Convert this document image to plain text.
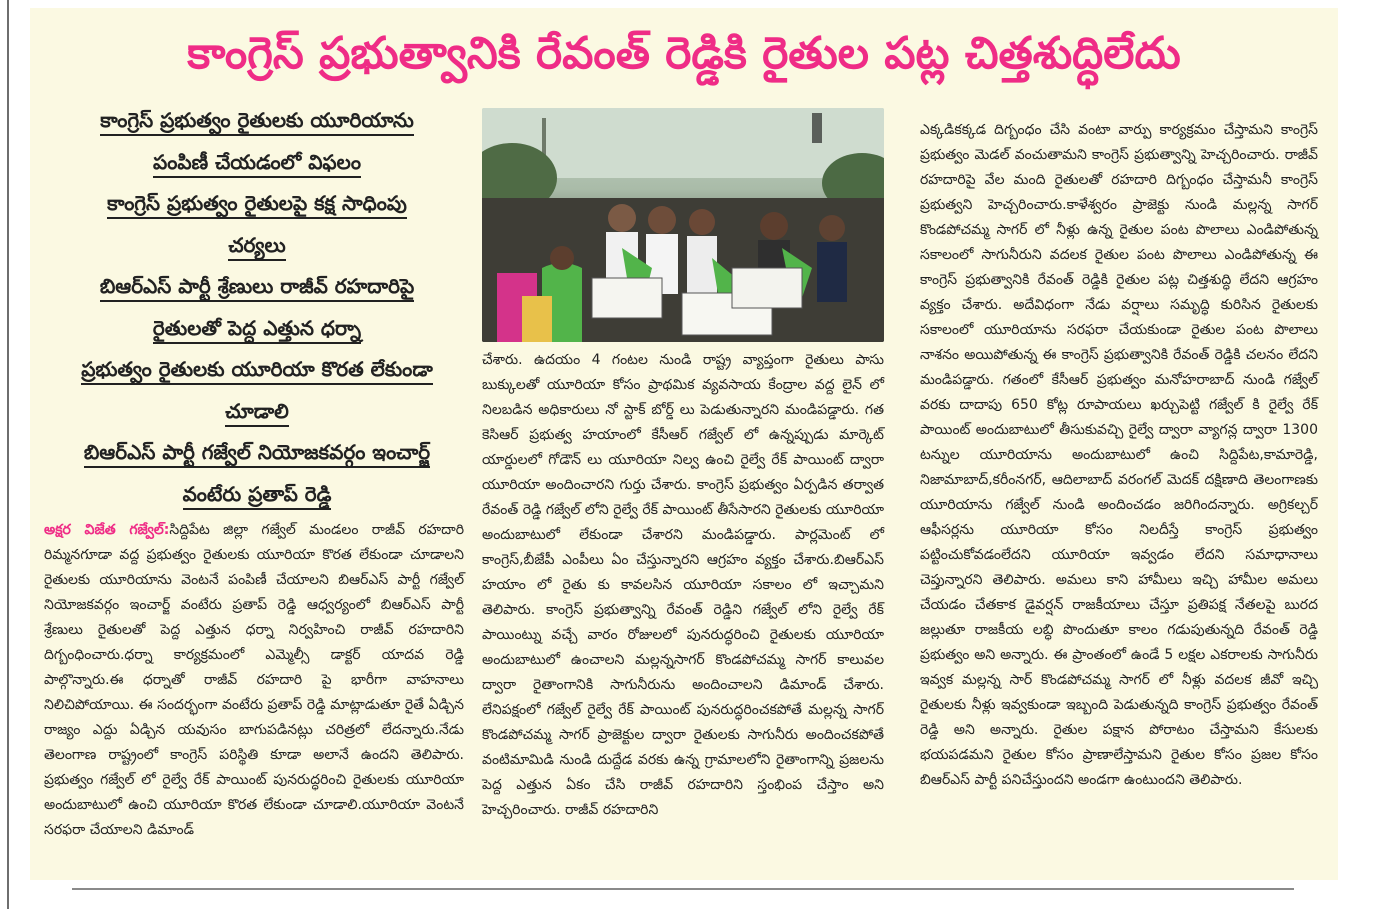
కాంగ్రెస్ ప్రభుత్వానికి రేవంత్ రెడ్డికి రైతుల పట్ల చిత్తశుద్ధిలేదు
కాంగ్రెస్ ప్రభుత్వం రైతులకు యూరియాను
పంపిణీ చేయడంలో విఫలం
కాంగ్రెస్ ప్రభుత్వం రైతులపై కక్ష సాధింపు
చర్యలు
బిఆర్ఎస్ పార్టీ శ్రేణులు రాజీవ్ రహదారిపై
రైతులతో పెద్ద ఎత్తున ధర్నా
ప్రభుత్వం రైతులకు యూరియా కొరత లేకుండా
చూడాలి
బిఆర్ఎస్ పార్టీ గజ్వేల్ నియోజకవర్గం ఇంచార్జ్
వంటేరు ప్రతాప్ రెడ్డి

అక్షర విజేత గజ్వేల్:సిద్దిపేట జిల్లా గజ్వేల్ మండలం రాజీవ్ రహదారి రిమ్మనగూడా వద్ద ప్రభుత్వం రైతులకు యూరియా కొరత లేకుండా చూడాలని రైతులకు యూరియాను వెంటనే పంపిణీ చేయాలని బిఆర్ఎస్ పార్టీ గజ్వేల్ నియోజకవర్గం ఇంచార్జ్ వంటేరు ప్రతాప్ రెడ్డి ఆధ్వర్యంలో బిఆర్ఎస్ పార్టీ శ్రేణులు రైతులతో పెద్ద ఎత్తున ధర్నా నిర్వహించి రాజీవ్ రహదారిని దిగ్బంధించారు.ధర్నా కార్యక్రమంలో ఎమ్మెల్సీ డాక్టర్ యాదవ రెడ్డి పాల్గొన్నారు.ఈ ధర్నాతో రాజీవ్ రహదారి పై భారీగా వాహనాలు నిలిచిపోయాయి. ఈ సందర్భంగా వంటేరు ప్రతాప్ రెడ్డి మాట్లాడుతూ రైతే ఏడ్చిన రాజ్యం ఎద్దు ఏడ్చిన యవుసం బాగుపడినట్లు చరిత్రలో లేదన్నారు.నేడు తెలంగాణ రాష్ట్రంలో కాంగ్రెస్ పరిస్థితి కూడా అలానే ఉందని తెలిపారు. ప్రభుత్వం గజ్వేల్ లో రైల్వే రేక్ పాయింట్ పునరుద్ధరించి రైతులకు యూరియా అందుబాటులో ఉంచి యూరియా కొరత లేకుండా చూడాలి.యూరియా వెంటనే సరఫరా చేయాలని డిమాండ్

చేశారు. ఉదయం 4 గంటల నుండి రాష్ట్ర వ్యాప్తంగా రైతులు పాసు బుక్కులతో యూరియా కోసం ప్రాథమిక వ్యవసాయ కేంద్రాల వద్ద లైన్ లో నిలబడిన అధికారులు నో స్టాక్ బోర్డ్ లు పెడుతున్నారని మండిపడ్డారు. గత కెసిఆర్ ప్రభుత్వ హయాంలో కేసీఆర్ గజ్వేల్ లో ఉన్నప్పుడు మార్కెట్ యార్డులలో గోడౌన్ లు యూరియా నిల్వ ఉంచి రైల్వే రేక్ పాయింట్ ద్వారా యూరియా అందించారని గుర్తు చేశారు. కాంగ్రెస్ ప్రభుత్వం ఏర్పడిన తర్వాత రేవంత్ రెడ్డి గజ్వేల్ లోని రైల్వే రేక్ పాయింట్ తీసేసారని రైతులకు యూరియా అందుబాటులో లేకుండా చేశారని మండిపడ్డారు. పార్లమెంట్ లో కాంగ్రెస్,బీజేపీ ఎంపీలు ఏం చేస్తున్నారని ఆగ్రహం వ్యక్తం చేశారు.బిఆర్ఎస్ హయాం లో రైతు కు కావలసిన యూరియా సకాలం లో ఇచ్చామని తెలిపారు. కాంగ్రెస్ ప్రభుత్వాన్ని రేవంత్ రెడ్డిని గజ్వేల్ లోని రైల్వే రేక్ పాయింట్ను వచ్చే వారం రోజులలో పునరుద్ధరించి రైతులకు యూరియా అందుబాటులో ఉంచాలని మల్లన్నసాగర్ కొండపోచమ్మ సాగర్ కాలువల ద్వారా రైతాంగానికి సాగునీరును అందించాలని డిమాండ్ చేశారు. లేనిపక్షంలో గజ్వేల్ రైల్వే రేక్ పాయింట్ పునరుద్ధరించకపోతే మల్లన్న సాగర్ కొండపోచమ్మ సాగర్ ప్రాజెక్టుల ద్వారా రైతులకు సాగునీరు అందించకపోతే వంటిమామిడి నుండి దుద్దేడ వరకు ఉన్న గ్రామాలలోని రైతాంగాన్ని ప్రజలను పెద్ద ఎత్తున ఏకం చేసి రాజీవ్ రహదారిని స్తంభింప చేస్తాం అని హెచ్చరించారు. రాజీవ్ రహదారిని

ఎక్కడికక్కడ దిగ్బంధం చేసి వంటా వార్పు కార్యక్రమం చేస్తామని కాంగ్రెస్ ప్రభుత్వం మెడల్ వంచుతామని కాంగ్రెస్ ప్రభుత్వాన్ని హెచ్చరించారు. రాజీవ్ రహదారిపై వేల మంది రైతులతో రహదారి దిగ్బంధం చేస్తామనీ కాంగ్రెస్ ప్రభుత్వని హెచ్చరించారు.కాళేశ్వరం ప్రాజెక్టు నుండి మల్లన్న సాగర్ కొండపోచమ్మ సాగర్ లో నీళ్లు ఉన్న రైతుల పంట పొలాలు ఎండిపోతున్న సకాలంలో సాగునీరుని వదలక రైతుల పంట పొలాలు ఎండిపోతున్న ఈ కాంగ్రెస్ ప్రభుత్వానికి రేవంత్ రెడ్డికి రైతుల పట్ల చిత్తశుద్ధి లేదని ఆగ్రహం వ్యక్తం చేశారు. అదేవిధంగా నేడు వర్షాలు సమృద్ధి కురిసిన రైతులకు సకాలంలో యూరియాను సరఫరా చేయకుండా రైతుల పంట పొలాలు నాశనం అయిపోతున్న ఈ కాంగ్రెస్ ప్రభుత్వానికి రేవంత్ రెడ్డికి చలనం లేదని మండిపడ్డారు. గతంలో కేసీఆర్ ప్రభుత్వం మనోహరాబాద్ నుండి గజ్వేల్ వరకు దాదాపు 650 కోట్ల రూపాయలు ఖర్చుపెట్టి గజ్వేల్ కి రైల్వే రేక్ పాయింట్ అందుబాటులో తీసుకువచ్చి రైల్వే ద్వారా వ్యాగన్ల ద్వారా 1300 టన్నుల యూరియాను అందుబాటులో ఉంచి సిద్దిపేట,కామారెడ్డి, నిజామాబాద్,కరీంనగర్, ఆదిలాబాద్ వరంగల్ మెదక్ దక్షిణాది తెలంగాణకు యూరియాను గజ్వేల్ నుండి అందించడం జరిగిందన్నారు. అగ్రికల్చర్ ఆఫీసర్లను యూరియా కోసం నిలదీస్తే కాంగ్రెస్ ప్రభుత్వం పట్టించుకోవడంలేదని యూరియా ఇవ్వడం లేదని సమాధానాలు చెప్తున్నారని తెలిపారు. అమలు కాని హామీలు ఇచ్చి హామీల అమలు చేయడం చేతకాక డైవర్షన్ రాజకీయాలు చేస్తూ ప్రతిపక్ష నేతలపై బురద జల్లుతూ రాజకీయ లబ్ధి పొందుతూ కాలం గడుపుతున్నది రేవంత్ రెడ్డి ప్రభుత్వం అని అన్నారు. ఈ ప్రాంతంలో ఉండే 5 లక్షల ఎకరాలకు సాగునీరు ఇవ్వక మల్లన్న సార్ కొండపోచమ్మ సాగర్ లో నీళ్లు వదలక జీవో ఇచ్చి రైతులకు నీళ్లు ఇవ్వకుండా ఇబ్బంది పెడుతున్నది కాంగ్రెస్ ప్రభుత్వం రేవంత్ రెడ్డి అని అన్నారు. రైతుల పక్షాన పోరాటం చేస్తామని కేసులకు భయపడమని రైతుల కోసం ప్రాణాలేస్తామని రైతుల కోసం ప్రజల కోసం బిఆర్ఎస్ పార్టీ పనిచేస్తుందని అండగా ఉంటుందని తెలిపారు.
